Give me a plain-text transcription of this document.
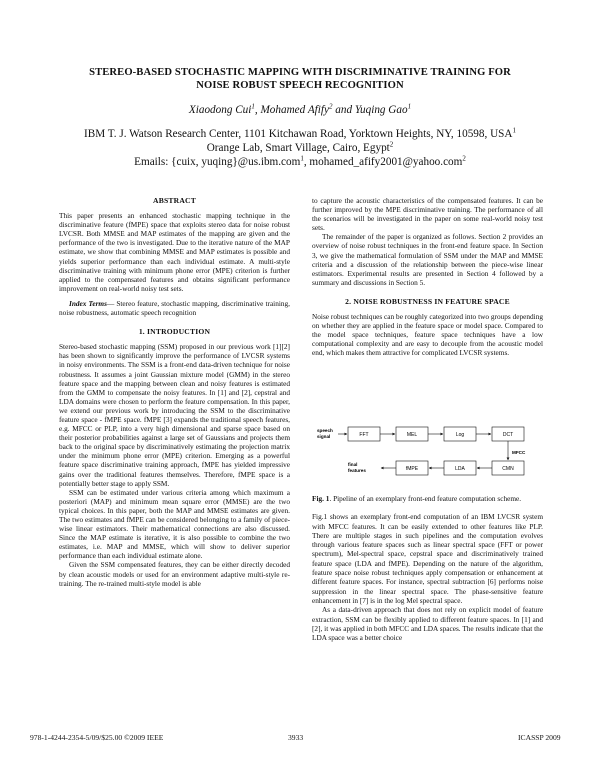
STEREO-BASED STOCHASTIC MAPPING WITH DISCRIMINATIVE TRAINING FOR
NOISE ROBUST SPEECH RECOGNITION
Xiaodong Cui$^1$, Mohamed Afify$^2$ and Yuqing Gao$^1$
IBM T. J. Watson Research Center, 1101 Kitchawan Road, Yorktown Heights, NY, 10598, USA$^1$
Orange Lab, Smart Village, Cairo, Egypt$^2$
Emails: {cuix, yuqing}@us.ibm.com$^1$, mohamed_afify2001@yahoo.com$^2$
ABSTRACT

This paper presents an enhanced stochastic mapping technique in the discriminative feature (fMPE) space that exploits stereo data for noise robust LVCSR. Both MMSE and MAP estimates of the mapping are given and the performance of the two is investigated. Due to the iterative nature of the MAP estimate, we show that combining MMSE and MAP estimates is possible and yields superior performance than each individual estimate. A multi-style discriminative training with minimum phone error (MPE) criterion is further applied to the compensated features and obtains significant performance improvement on real-world noisy test sets.

Index Terms— Stereo feature, stochastic mapping, discriminative training, noise robustness, automatic speech recognition

1. INTRODUCTION

Stereo-based stochastic mapping (SSM) proposed in our previous work [1][2] has been shown to significantly improve the performance of LVCSR systems in noisy environments. The SSM is a front-end data-driven technique for noise robustness. It assumes a joint Gaussian mixture model (GMM) in the stereo feature space and the mapping between clean and noisy features is estimated from the GMM to compensate the noisy features. In [1] and [2], cepstral and LDA domains were chosen to perform the feature compensation. In this paper, we extend our previous work by introducing the SSM to the discriminative feature space - fMPE space. fMPE [3] expands the traditional speech features, e.g. MFCC or PLP, into a very high dimensional and sparse space based on their posterior probabilities against a large set of Gaussians and projects them back to the original space by discriminatively estimating the projection matrix under the minimum phone error (MPE) criterion. Emerging as a powerful feature space discriminative training approach, fMPE has yielded impressive gains over the traditional features themselves. Therefore, fMPE space is a potentially better stage to apply SSM.

SSM can be estimated under various criteria among which maximum a posteriori (MAP) and minimum mean square error (MMSE) are the two typical choices. In this paper, both the MAP and MMSE estimates are given. The two estimates and fMPE can be considered belonging to a family of piece-wise linear estimators. Their mathematical connections are also discussed. Since the MAP estimate is iterative, it is also possible to combine the two estimates, i.e. MAP and MMSE, which will show to deliver superior performance than each individual estimate alone.

Given the SSM compensated features, they can be either directly decoded by clean acoustic models or used for an environment adaptive multi-style re-training. The re-trained multi-style model is able

to capture the acoustic characteristics of the compensated features. It can be further improved by the MPE discriminative training. The performance of all the scenarios will be investigated in the paper on some real-world noisy test sets.

The remainder of the paper is organized as follows. Section 2 provides an overview of noise robust techniques in the front-end feature space. In Section 3, we give the mathematical formulation of SSM under the MAP and MMSE criteria and a discussion of the relationship between the piece-wise linear estimators. Experimental results are presented in Section 4 followed by a summary and discussions in Section 5.

2. NOISE ROBUSTNESS IN FEATURE SPACE

Noise robust techniques can be roughly categorized into two groups depending on whether they are applied in the feature space or model space. Compared to the model space techniques, feature space techniques have a low computational complexity and are easy to decouple from the acoustic model end, which makes them attractive for complicated LVCSR systems.

speech
signal	FFT	MEL	Log	DCT
MFCC
CMN
LDA
fMPE
final
features

Fig. 1. Pipeline of an exemplary front-end feature computation scheme.

Fig.1 shows an exemplary front-end computation of an IBM LVCSR system with MFCC features. It can be easily extended to other features like PLP. There are multiple stages in such pipelines and the computation evolves through various feature spaces such as linear spectral space (FFT or power spectrum), Mel-spectral space, cepstral space and discriminatively trained feature space (LDA and fMPE). Depending on the nature of the algorithm, feature space noise robust techniques apply compensation or enhancement at different feature spaces. For instance, spectral subtraction [6] performs noise suppression in the linear spectral space. The phase-sensitive feature enhancement in [7] is in the log Mel spectral space.

As a data-driven approach that does not rely on explicit model of feature extraction, SSM can be flexibly applied to different feature spaces. In [1] and [2], it was applied in both MFCC and LDA spaces. The results indicate that the LDA space was a better choice

978-1-4244-2354-5/09/$25.00 ©2009 IEEE	3933	ICASSP 2009
